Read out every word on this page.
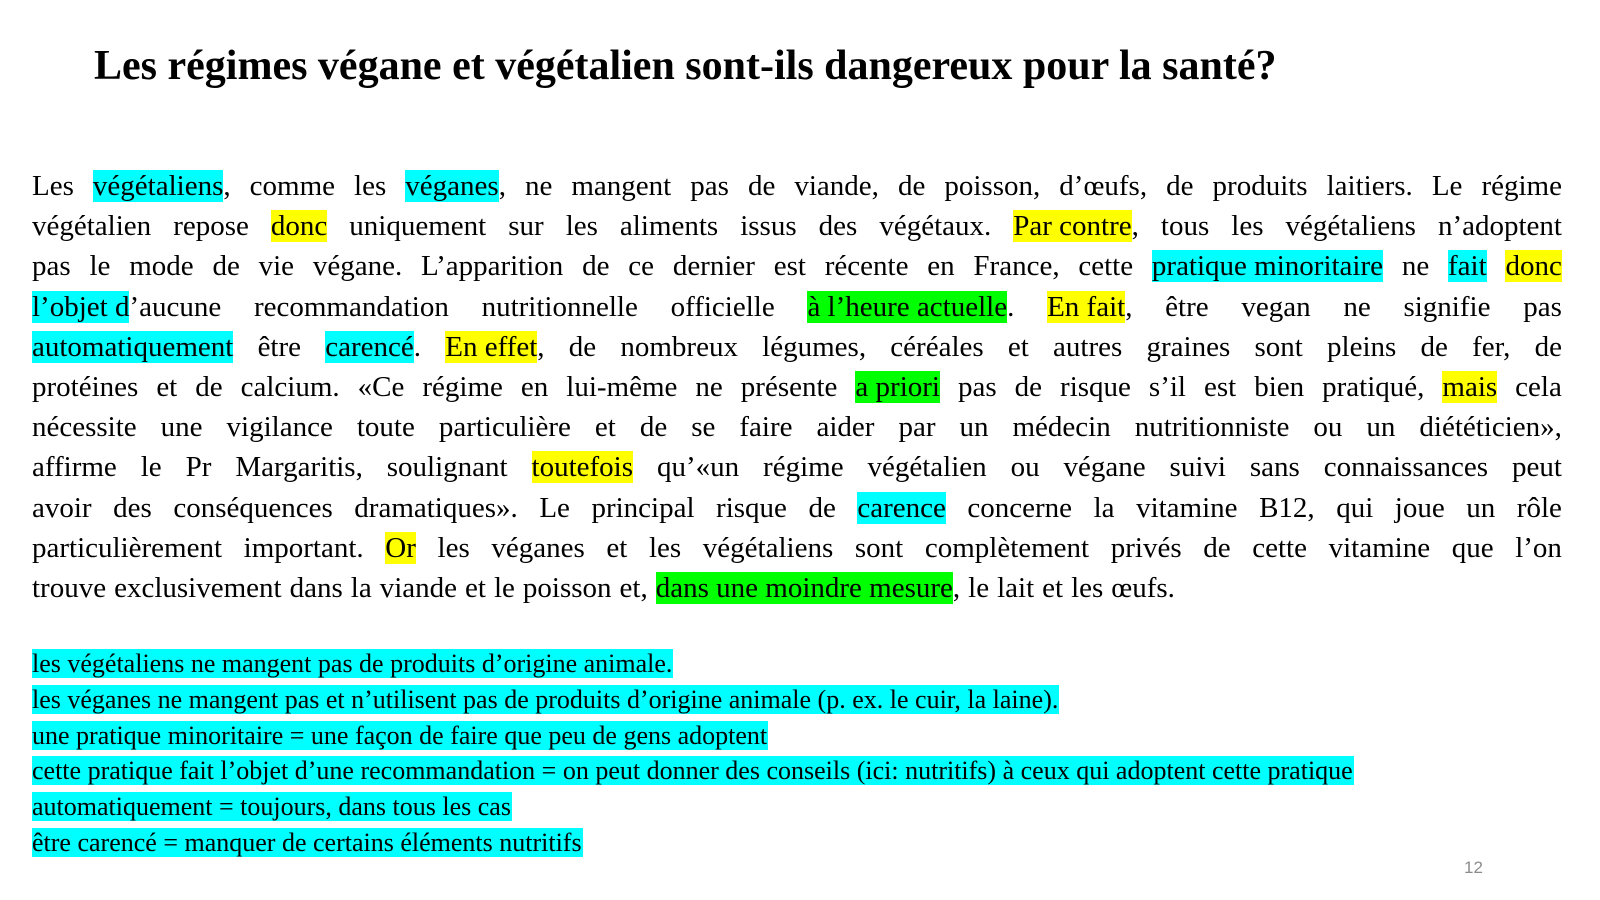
Les régimes végane et végétalien sont-ils dangereux pour la santé?
Les végétaliens, comme les véganes, ne mangent pas de viande, de poisson, d’œufs, de produits laitiers. Le régime
végétalien repose donc uniquement sur les aliments issus des végétaux. Par contre, tous les végétaliens n’adoptent
pas le mode de vie végane. L’apparition de ce dernier est récente en France, cette pratique minoritaire ne fait donc
l’objet d’aucune recommandation nutritionnelle officielle à l’heure actuelle. En fait, être vegan ne signifie pas
automatiquement être carencé. En effet, de nombreux légumes, céréales et autres graines sont pleins de fer, de
protéines et de calcium. «Ce régime en lui-même ne présente a priori pas de risque s’il est bien pratiqué, mais cela
nécessite une vigilance toute particulière et de se faire aider par un médecin nutritionniste ou un diététicien»,
affirme le Pr Margaritis, soulignant toutefois qu’«un régime végétalien ou végane suivi sans connaissances peut
avoir des conséquences dramatiques». Le principal risque de carence concerne la vitamine B12, qui joue un rôle
particulièrement important. Or les véganes et les végétaliens sont complètement privés de cette vitamine que l’on
trouve exclusivement dans la viande et le poisson et, dans une moindre mesure, le lait et les œufs.
les végétaliens ne mangent pas de produits d’origine animale.
les véganes ne mangent pas et n’utilisent pas de produits d’origine animale (p. ex. le cuir, la laine).
une pratique minoritaire = une façon de faire que peu de gens adoptent
cette pratique fait l’objet d’une recommandation = on peut donner des conseils (ici: nutritifs) à ceux qui adoptent cette pratique
automatiquement = toujours, dans tous les cas
être carencé = manquer de certains éléments nutritifs
12
